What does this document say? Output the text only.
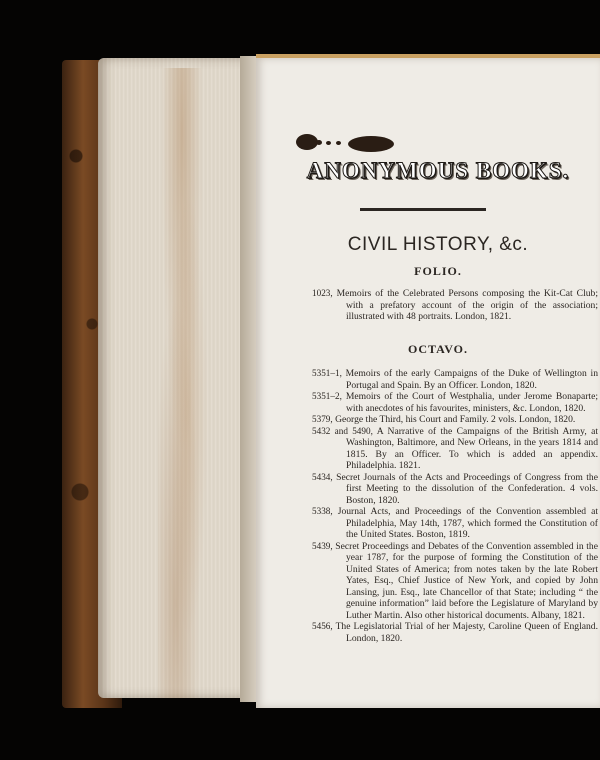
ANONYMOUS BOOKS.
CIVIL HISTORY, &c.
FOLIO.
1023, Memoirs of the Celebrated Persons composing the Kit-Cat Club; with a prefatory account of the origin of the association; illustrated with 48 portraits. London, 1821.
OCTAVO.
5351–1, Memoirs of the early Campaigns of the Duke of Wellington in Portugal and Spain. By an Officer. London, 1820.
5351–2, Memoirs of the Court of Westphalia, under Jerome Bonaparte; with anecdotes of his favourites, ministers, &c. London, 1820.
5379, George the Third, his Court and Family. 2 vols. London, 1820.
5432 and 5490, A Narrative of the Campaigns of the British Army, at Washington, Baltimore, and New Orleans, in the years 1814 and 1815. By an Officer. To which is added an appendix. Philadelphia. 1821.
5434, Secret Journals of the Acts and Proceedings of Congress from the first Meeting to the dissolution of the Confederation. 4 vols. Boston, 1820.
5338, Journal Acts, and Proceedings of the Convention assembled at Philadelphia, May 14th, 1787, which formed the Constitution of the United States. Boston, 1819.
5439, Secret Proceedings and Debates of the Convention assembled in the year 1787, for the purpose of forming the Constitution of the United States of America; from notes taken by the late Robert Yates, Esq., Chief Justice of New York, and copied by John Lansing, jun. Esq., late Chancellor of that State; including “ the genuine information” laid before the Legislature of Maryland by Luther Martin. Also other historical documents. Albany, 1821.
5456, The Legislatorial Trial of her Majesty, Caroline Queen of England. London, 1820.
